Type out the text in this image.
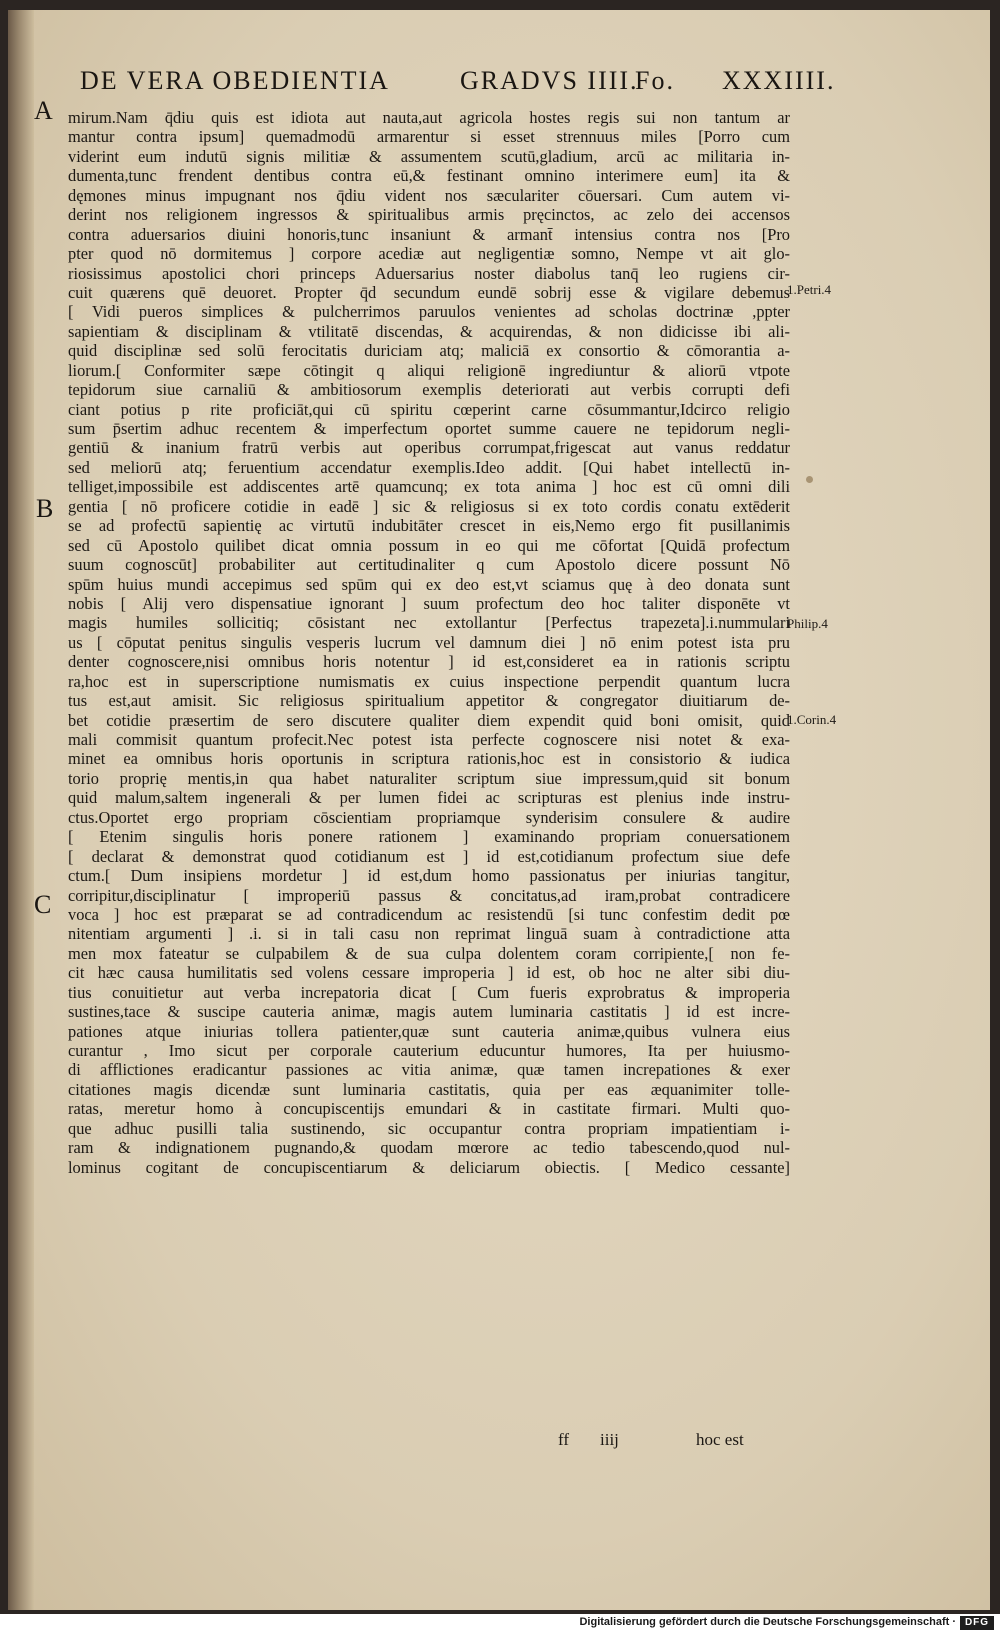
DE VERA OBEDIENTIA	GRADVS IIII.
Fo. XXXIIII.
A
B
C
mirum.Nam q̄diu quis est idiota aut nauta,aut agricola hostes regis sui non tantum ar
mantur contra ipsum] quemadmodū armarentur si esset strennuus miles [Porro cum
viderint eum indutū signis militiæ & assumentem scutū,gladium, arcū ac militaria in-
dumenta,tunc frendent dentibus contra eū,& festinant omnino interimere eum] ita &
dęmones minus impugnant nos q̄diu vident nos sæculariter cōuersari. Cum autem vi-
derint nos religionem ingressos & spiritualibus armis pręcinctos, ac zelo dei accensos
contra aduersarios diuini honoris,tunc insaniunt & armant̄ intensius contra nos [Pro
pter quod nō dormitemus ] corpore acediæ aut negligentiæ somno, Nempe vt ait glo-
riosissimus apostolici chori princeps Aduersarius noster diabolus tanq̄ leo rugiens cir-
cuit quærens quē deuoret. Propter q̄d secundum eundē sobrij esse & vigilare debemus
[ Vidi pueros simplices & pulcherrimos paruulos venientes ad scholas doctrinæ ,ppter
sapientiam & disciplinam & vtilitatē discendas, & acquirendas, & non didicisse ibi ali-
quid disciplinæ sed solū ferocitatis duriciam atq; maliciā ex consortio & cōmorantia a-
liorum.[ Conformiter sæpe cōtingit q aliqui religionē ingrediuntur & aliorū vtpote
tepidorum siue carnaliū & ambitiosorum exemplis deteriorati aut verbis corrupti defi
ciant potius p rite proficiāt,qui cū spiritu cœperint carne cōsummantur,Idcirco religio
sum p̄sertim adhuc recentem & imperfectum oportet summe cauere ne tepidorum negli-
gentiū & inanium fratrū verbis aut operibus corrumpat,frigescat aut vanus reddatur
sed meliorū atq; feruentium accendatur exemplis.Ideo addit. [Qui habet intellectū in-
telliget,impossibile est addiscentes artē quamcunq; ex tota anima ] hoc est cū omni dili
gentia [ nō proficere cotidie in eadē ] sic & religiosus si ex toto cordis conatu extēderit
se ad profectū sapientię ac virtutū indubitāter crescet in eis,Nemo ergo fit pusillanimis
sed cū Apostolo quilibet dicat omnia possum in eo qui me cōfortat [Quidā profectum
suum cognoscūt] probabiliter aut certitudinaliter q cum Apostolo dicere possunt Nō
spūm huius mundi accepimus sed spūm qui ex deo est,vt sciamus quę à deo donata sunt
nobis [ Alij vero dispensatiue ignorant ] suum profectum deo hoc taliter disponēte vt
magis humiles sollicitiq; cōsistant nec extollantur [Perfectus trapezeta].i.nummulari
us [ cōputat penitus singulis vesperis lucrum vel damnum diei ] nō enim potest ista pru
denter cognoscere,nisi omnibus horis notentur ] id est,consideret ea in rationis scriptu
ra,hoc est in superscriptione numismatis ex cuius inspectione perpendit quantum lucra
tus est,aut amisit. Sic religiosus spiritualium appetitor & congregator diuitiarum de-
bet cotidie præsertim de sero discutere qualiter diem expendit quid boni omisit, quid
mali commisit quantum profecit.Nec potest ista perfecte cognoscere nisi notet & exa-
minet ea omnibus horis oportunis in scriptura rationis,hoc est in consistorio & iudica
torio proprię mentis,in qua habet naturaliter scriptum siue impressum,quid sit bonum
quid malum,saltem ingenerali & per lumen fidei ac scripturas est plenius inde instru-
ctus.Oportet ergo propriam cōscientiam propriamque synderisim consulere & audire
[ Etenim singulis horis ponere rationem ] examinando propriam conuersationem
[ declarat & demonstrat quod cotidianum est ] id est,cotidianum profectum siue defe
ctum.[ Dum insipiens mordetur ] id est,dum homo passionatus per iniurias tangitur,
corripitur,disciplinatur [ improperiū passus & concitatus,ad iram,probat contradicere
voca ] hoc est præparat se ad contradicendum ac resistendū [si tunc confestim dedit pœ
nitentiam argumenti ] .i. si in tali casu non reprimat linguā suam à contradictione atta
men mox fateatur se culpabilem & de sua culpa dolentem coram corripiente,[ non fe-
cit hæc causa humilitatis sed volens cessare improperia ] id est, ob hoc ne alter sibi diu-
tius conuitietur aut verba increpatoria dicat [ Cum fueris exprobratus & improperia
sustines,tace & suscipe cauteria animæ, magis autem luminaria castitatis ] id est incre-
pationes atque iniurias tollera patienter,quæ sunt cauteria animæ,quibus vulnera eius
curantur , Imo sicut per corporale cauterium educuntur humores, Ita per huiusmo-
di afflictiones eradicantur passiones ac vitia animæ, quæ tamen increpationes & exer
citationes magis dicendæ sunt luminaria castitatis, quia per eas æquanimiter tolle-
ratas, meretur homo à concupiscentijs emundari & in castitate firmari. Multi quo-
que adhuc pusilli talia sustinendo, sic occupantur contra propriam impatientiam i-
ram & indignationem pugnando,& quodam mœrore ac tedio tabescendo,quod nul-
lominus cogitant de concupiscentiarum & deliciarum obiectis. [ Medico cessante]
1.Petri.4
Philip.4
1.Corin.4
ff iiij	hoc est
Digitalisierung gefördert durch die Deutsche Forschungsgemeinschaft · DFG
